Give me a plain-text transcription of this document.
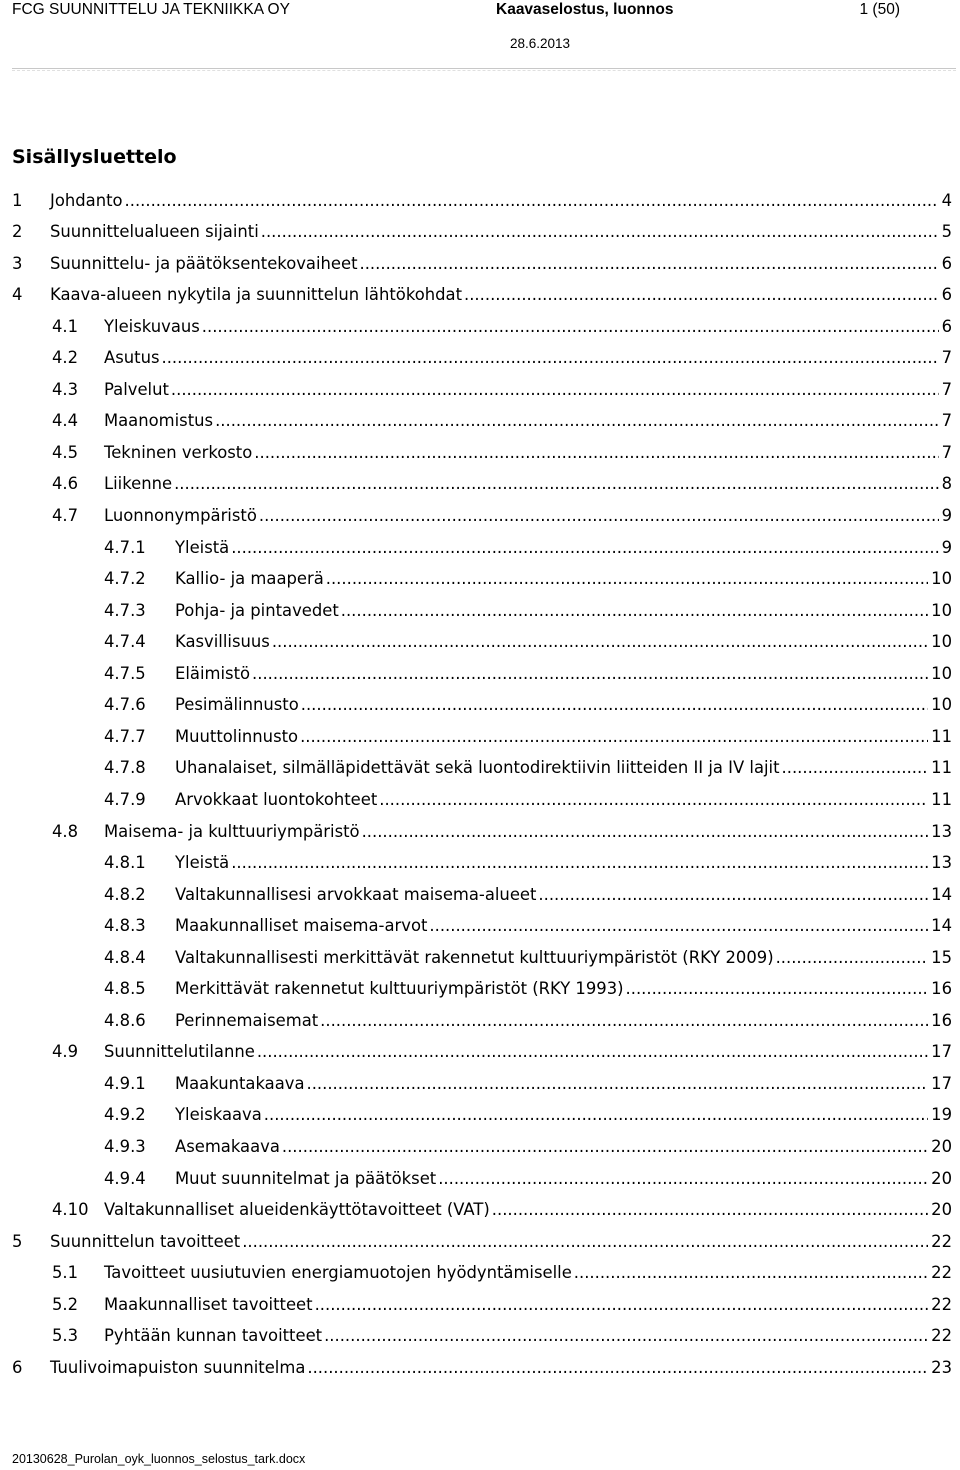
FCG SUUNNITTELU JA TEKNIIKKA OY	Kaavaselostus, luonnos	1 (50)
28.6.2013
Sisällysluettelo
1 Johdanto .....	4
2 Suunnittelualueen sijainti .....	5
3 Suunnittelu- ja päätöksentekovaiheet .....	6
4 Kaava-alueen nykytila ja suunnittelun lähtökohdat .....	6
4.1 Yleiskuvaus .....	6
4.2 Asutus .....	7
4.3 Palvelut .....	7
4.4 Maanomistus .....	7
4.5 Tekninen verkosto .....	7
4.6 Liikenne .....	8
4.7 Luonnonympäristö .....	9
4.7.1 Yleistä .....	9
4.7.2 Kallio- ja maaperä .....	10
4.7.3 Pohja- ja pintavedet .....	10
4.7.4 Kasvillisuus .....	10
4.7.5 Eläimistö .....	10
4.7.6 Pesimälinnusto .....	10
4.7.7 Muuttolinnusto .....	11
4.7.8 Uhanalaiset, silmälläpidettävät sekä luontodirektiivin liitteiden II ja IV lajit .....	11
4.7.9 Arvokkaat luontokohteet .....	11
4.8 Maisema- ja kulttuuriympäristö .....	13
4.8.1 Yleistä .....	13
4.8.2 Valtakunnallisesi arvokkaat maisema-alueet .....	14
4.8.3 Maakunnalliset maisema-arvot .....	14
4.8.4 Valtakunnallisesti merkittävät rakennetut kulttuuriympäristöt (RKY 2009) .....	15
4.8.5 Merkittävät rakennetut kulttuuriympäristöt (RKY 1993) .....	16
4.8.6 Perinnemaisemat .....	16
4.9 Suunnittelutilanne .....	17
4.9.1 Maakuntakaava .....	17
4.9.2 Yleiskaava .....	19
4.9.3 Asemakaava .....	20
4.9.4 Muut suunnitelmat ja päätökset .....	20
4.10 Valtakunnalliset alueidenkäyttötavoitteet (VAT) .....	20
5 Suunnittelun tavoitteet .....	22
5.1 Tavoitteet uusiutuvien energiamuotojen hyödyntämiselle .....	22
5.2 Maakunnalliset tavoitteet .....	22
5.3 Pyhtään kunnan tavoitteet .....	22
6 Tuulivoimapuiston suunnitelma .....	23
20130628_Purolan_oyk_luonnos_selostus_tark.docx
